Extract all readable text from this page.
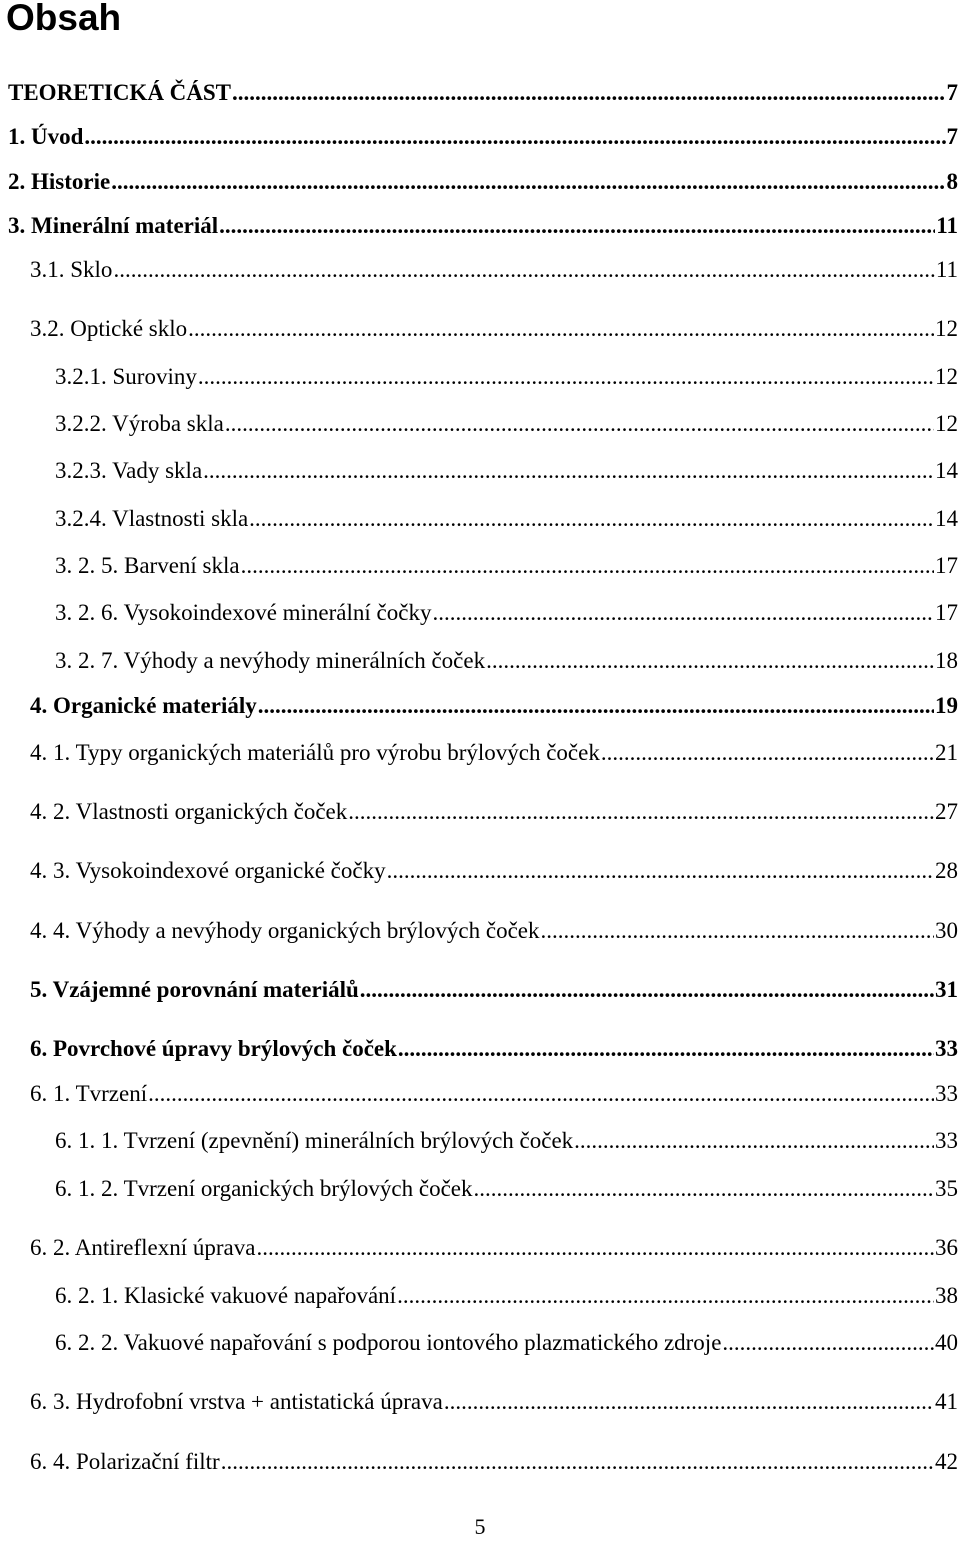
Obsah
TEORETICKÁ ČÁST .....	7
1. Úvod .....	7
2. Historie .....	8
3. Minerální materiál .....	11
3.1. Sklo .....	11
3.2. Optické sklo .....	12
3.2.1. Suroviny .....	12
3.2.2. Výroba skla .....	12
3.2.3. Vady skla .....	14
3.2.4. Vlastnosti skla .....	14
3. 2. 5. Barvení skla .....	17
3. 2. 6. Vysokoindexové minerální čočky .....	17
3. 2. 7. Výhody a nevýhody minerálních čoček .....	18
4. Organické materiály .....	19
4. 1. Typy organických materiálů pro výrobu brýlových čoček .....	21
4. 2. Vlastnosti organických čoček .....	27
4. 3. Vysokoindexové organické čočky .....	28
4. 4. Výhody a nevýhody organických brýlových čoček .....	30
5. Vzájemné porovnání materiálů .....	31
6. Povrchové úpravy brýlových čoček .....	33
6. 1. Tvrzení .....	33
6. 1. 1. Tvrzení (zpevnění) minerálních brýlových čoček .....	33
6. 1. 2. Tvrzení organických brýlových čoček .....	35
6. 2. Antireflexní úprava .....	36
6. 2. 1. Klasické vakuové napařování .....	38
6. 2. 2. Vakuové napařování s podporou iontového plazmatického zdroje .....	40
6. 3. Hydrofobní vrstva + antistatická úprava .....	41
6. 4. Polarizační filtr .....	42
5
